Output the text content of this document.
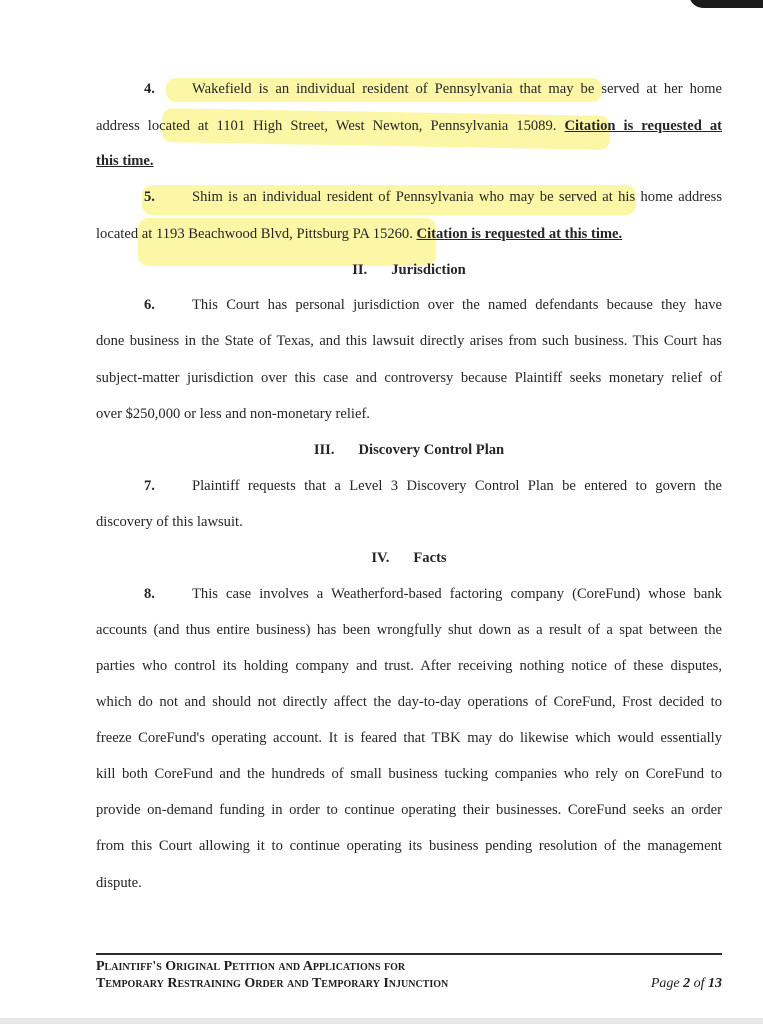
4.	Wakefield is an individual resident of Pennsylvania that may be served at her home
address located at 1101 High Street, West Newton, Pennsylvania 15089. Citation is requested at
this time.
5.	Shim is an individual resident of Pennsylvania who may be served at his home address
located at 1193 Beachwood Blvd, Pittsburg PA 15260. Citation is requested at this time.
II. Jurisdiction
6.	This Court has personal jurisdiction over the named defendants because they have
done business in the State of Texas, and this lawsuit directly arises from such business. This Court has
subject-matter jurisdiction over this case and controversy because Plaintiff seeks monetary relief of
over $250,000 or less and non-monetary relief.
III. Discovery Control Plan
7.	Plaintiff requests that a Level 3 Discovery Control Plan be entered to govern the
discovery of this lawsuit.
IV. Facts
8.	This case involves a Weatherford-based factoring company (CoreFund) whose bank
accounts (and thus entire business) has been wrongfully shut down as a result of a spat between the
parties who control its holding company and trust. After receiving nothing notice of these disputes,
which do not and should not directly affect the day-to-day operations of CoreFund, Frost decided to
freeze CoreFund's operating account. It is feared that TBK may do likewise which would essentially
kill both CoreFund and the hundreds of small business tucking companies who rely on CoreFund to
provide on-demand funding in order to continue operating their businesses. CoreFund seeks an order
from this Court allowing it to continue operating its business pending resolution of the management
dispute.
Plaintiff's Original Petition and Applications for
Temporary Restraining Order and Temporary Injunction	Page 2 of 13
